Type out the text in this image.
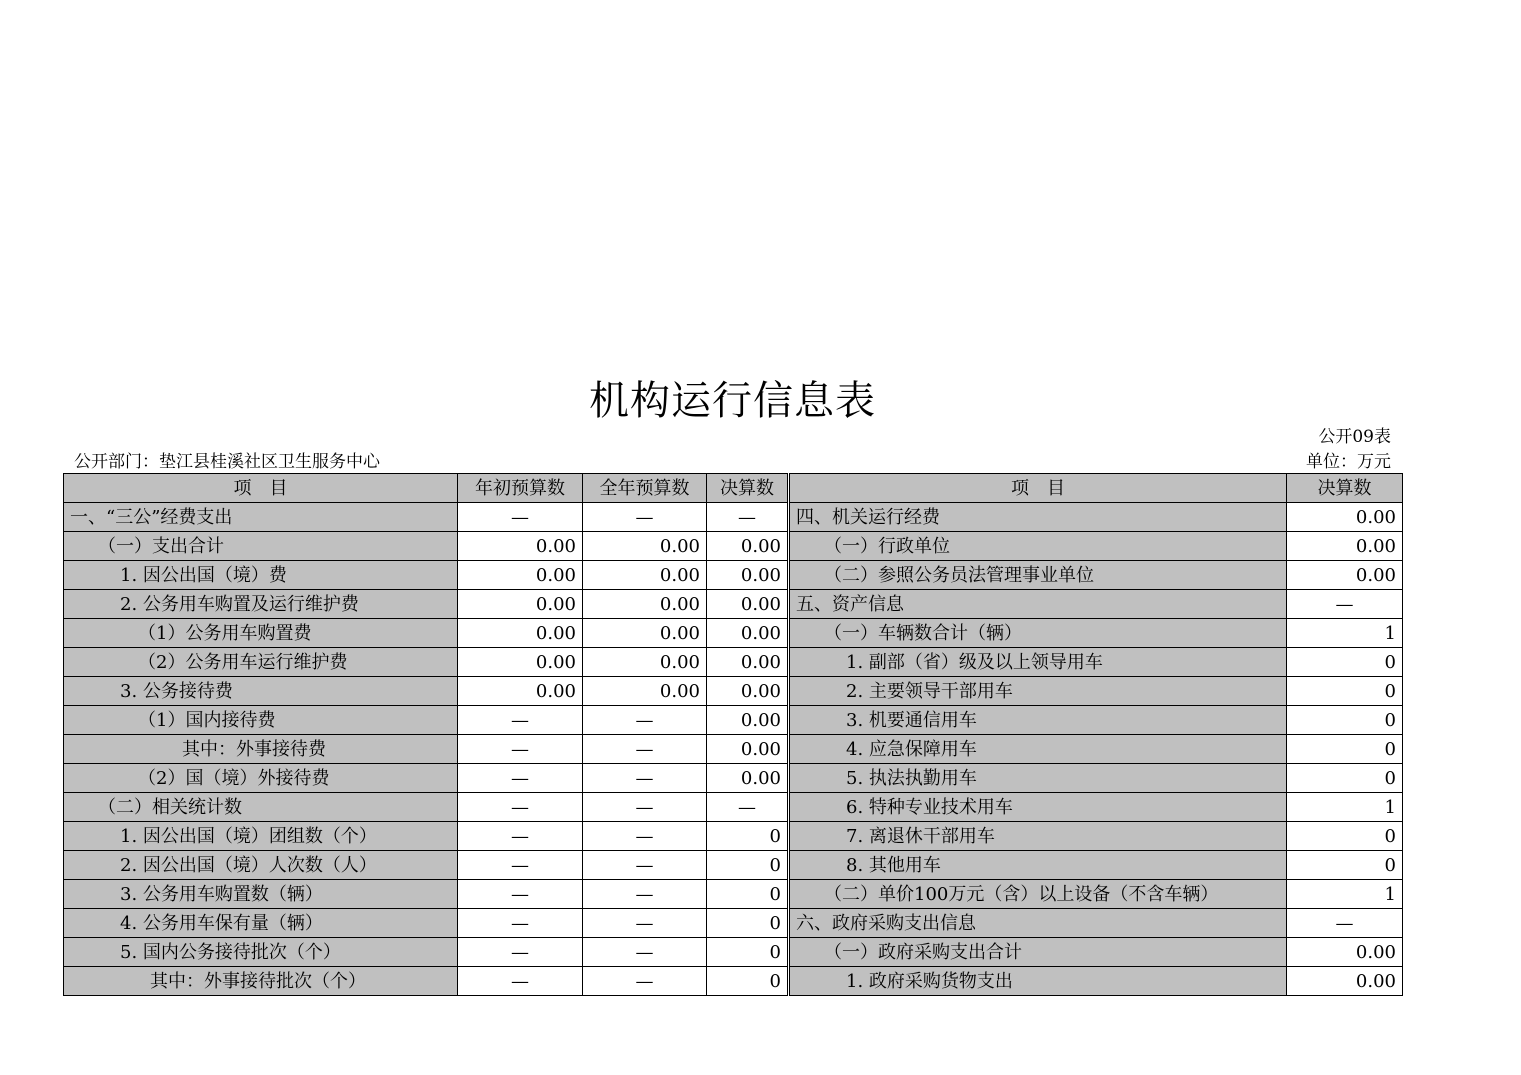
机构运行信息表
公开09表
单位：万元
公开部门：垫江县桂溪社区卫生服务中心
项　目	年初预算数	全年预算数	决算数	项　目	决算数
一、“三公”经费支出	—	—	—	四、机关运行经费	0.00
（一）支出合计	0.00	0.00	0.00	（一）行政单位	0.00
1. 因公出国（境）费	0.00	0.00	0.00	（二）参照公务员法管理事业单位	0.00
2. 公务用车购置及运行维护费	0.00	0.00	0.00	五、资产信息	—
（1）公务用车购置费	0.00	0.00	0.00	（一）车辆数合计（辆）	1
（2）公务用车运行维护费	0.00	0.00	0.00	1. 副部（省）级及以上领导用车	0
3. 公务接待费	0.00	0.00	0.00	2. 主要领导干部用车	0
（1）国内接待费	—	—	0.00	3. 机要通信用车	0
其中：外事接待费	—	—	0.00	4. 应急保障用车	0
（2）国（境）外接待费	—	—	0.00	5. 执法执勤用车	0
（二）相关统计数	—	—	—	6. 特种专业技术用车	1
1. 因公出国（境）团组数（个）	—	—	0	7. 离退休干部用车	0
2. 因公出国（境）人次数（人）	—	—	0	8. 其他用车	0
3. 公务用车购置数（辆）	—	—	0	（二）单价100万元（含）以上设备（不含车辆）	1
4. 公务用车保有量（辆）	—	—	0	六、政府采购支出信息	—
5. 国内公务接待批次（个）	—	—	0	（一）政府采购支出合计	0.00
其中：外事接待批次（个）	—	—	0	1. 政府采购货物支出	0.00
